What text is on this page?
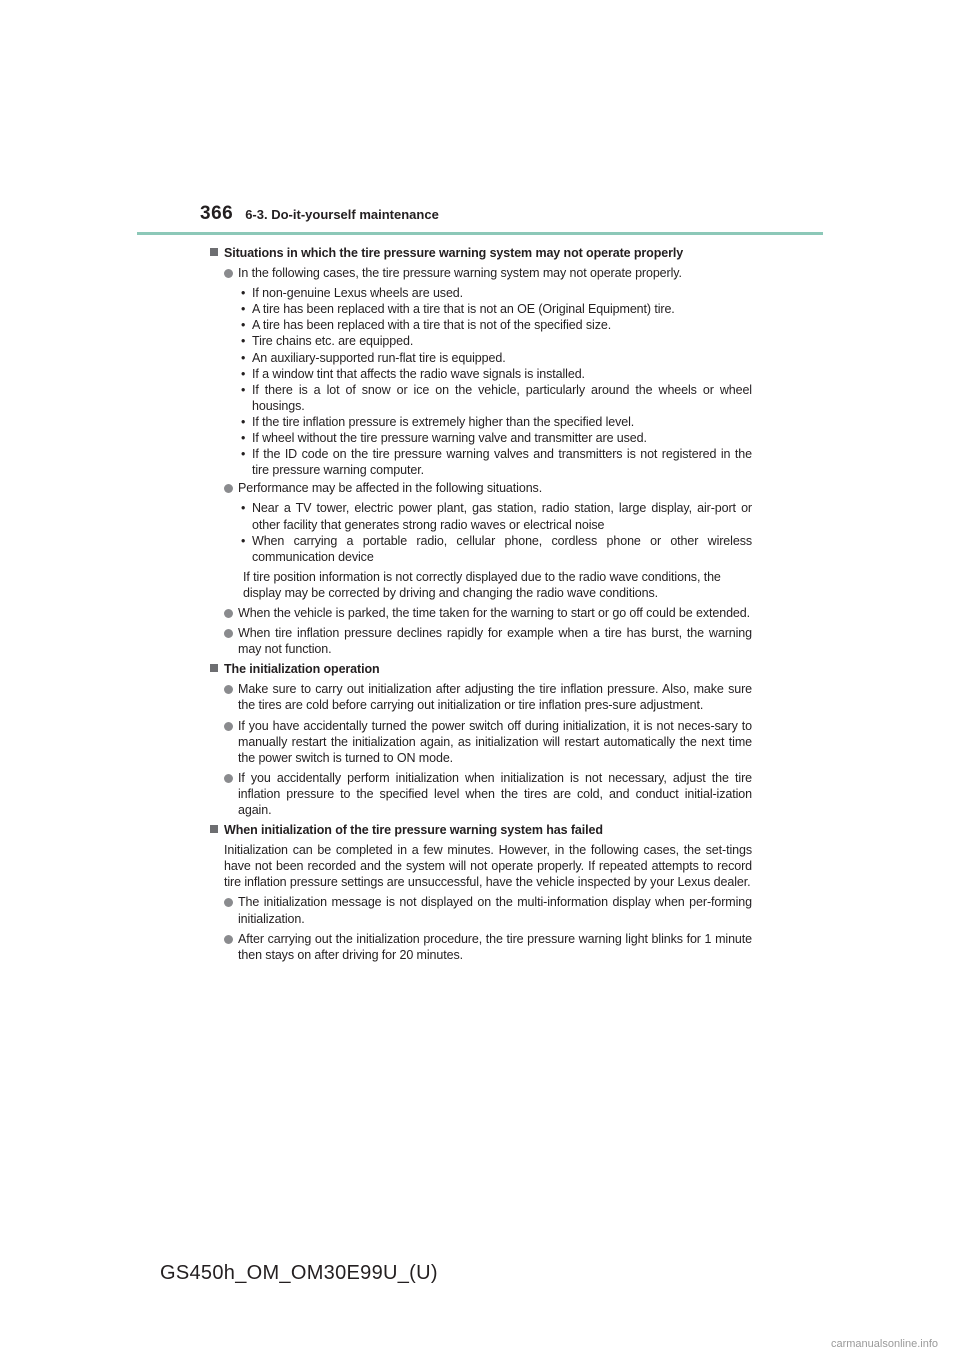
366 6-3. Do-it-yourself maintenance
Situations in which the tire pressure warning system may not operate properly
In the following cases, the tire pressure warning system may not operate properly.
• If non-genuine Lexus wheels are used.
• A tire has been replaced with a tire that is not an OE (Original Equipment) tire.
• A tire has been replaced with a tire that is not of the specified size.
• Tire chains etc. are equipped.
• An auxiliary-supported run-flat tire is equipped.
• If a window tint that affects the radio wave signals is installed.
• If there is a lot of snow or ice on the vehicle, particularly around the wheels or wheel housings.
• If the tire inflation pressure is extremely higher than the specified level.
• If wheel without the tire pressure warning valve and transmitter are used.
• If the ID code on the tire pressure warning valves and transmitters is not registered in the tire pressure warning computer.
Performance may be affected in the following situations.
• Near a TV tower, electric power plant, gas station, radio station, large display, air-port or other facility that generates strong radio waves or electrical noise
• When carrying a portable radio, cellular phone, cordless phone or other wireless communication device
If tire position information is not correctly displayed due to the radio wave conditions, the display may be corrected by driving and changing the radio wave conditions.
When the vehicle is parked, the time taken for the warning to start or go off could be extended.
When tire inflation pressure declines rapidly for example when a tire has burst, the warning may not function.
The initialization operation
Make sure to carry out initialization after adjusting the tire inflation pressure. Also, make sure the tires are cold before carrying out initialization or tire inflation pres-sure adjustment.
If you have accidentally turned the power switch off during initialization, it is not neces-sary to manually restart the initialization again, as initialization will restart automatically the next time the power switch is turned to ON mode.
If you accidentally perform initialization when initialization is not necessary, adjust the tire inflation pressure to the specified level when the tires are cold, and conduct initial-ization again.
When initialization of the tire pressure warning system has failed
Initialization can be completed in a few minutes. However, in the following cases, the set-tings have not been recorded and the system will not operate properly. If repeated attempts to record tire inflation pressure settings are unsuccessful, have the vehicle inspected by your Lexus dealer.
The initialization message is not displayed on the multi-information display when per-forming initialization.
After carrying out the initialization procedure, the tire pressure warning light blinks for 1 minute then stays on after driving for 20 minutes.
GS450h_OM_OM30E99U_(U)
carmanualsonline.info
